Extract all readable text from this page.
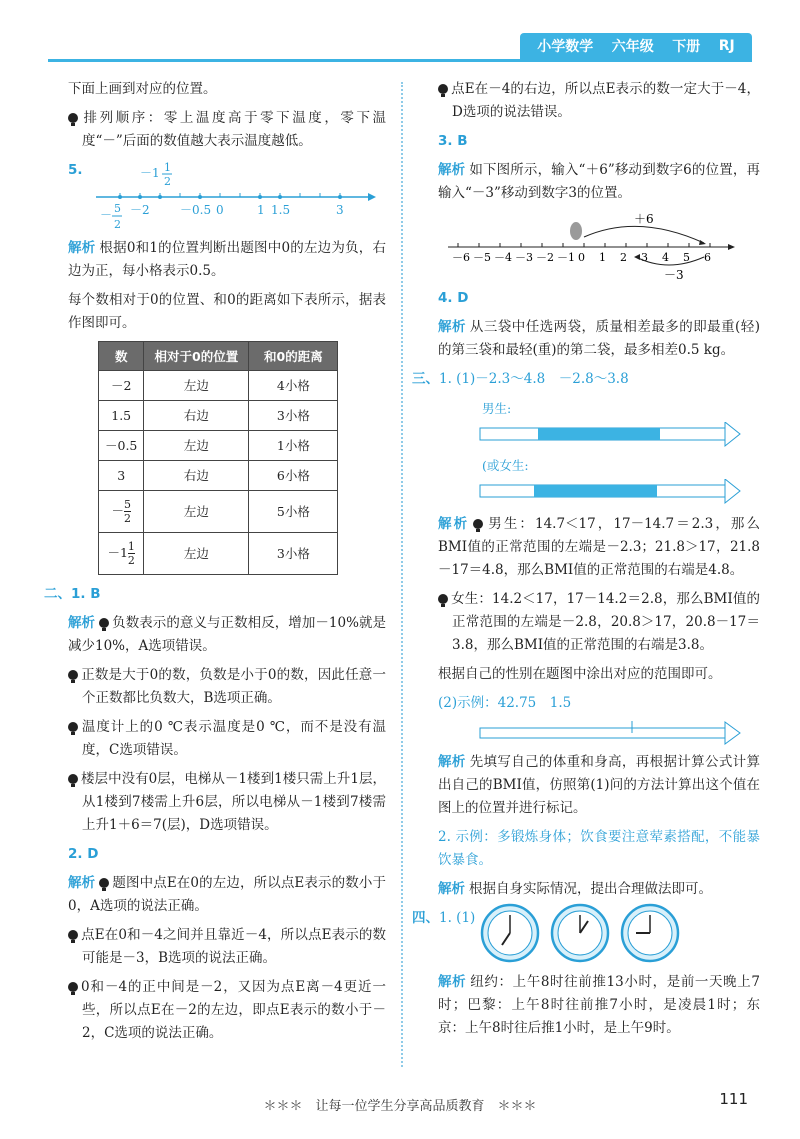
小学数学 六年级 下册 RJ

下面上画到对应的位置。

排列顺序：零上温度高于零下温度，零下温度“－”后面的数值越大表示温度越低。

5.	－1 1
2
－2	－0.5 0	1 1.5	3
－ 5
2

解析 根据0和1的位置判断出题图中0的左边为负，右边为正，每小格表示0.5。

每个数相对于0的位置、和0的距离如下表所示，据表作图即可。

数	相对于0的位置	和0的距离
－2	左边	4小格
1.5	右边	3小格
－0.5	左边	1小格
3	右边	6小格
－ $\frac{5}{2}$	左边	5小格
$-1 \frac{1}{2}$	左边	3小格

二、1. B

解析 负数表示的意义与正数相反，增加－10%就是减少10%，A选项错误。

正数是大于0的数，负数是小于0的数，因此任意一个正数都比负数大，B选项正确。

温度计上的0 ℃表示温度是0 ℃，而不是没有温度，C选项错误。

楼层中没有0层，电梯从－1楼到1楼只需上升1层，从1楼到7楼需上升6层，所以电梯从－1楼到7楼需上升1＋6＝7(层)，D选项错误。

2. D

解析 题图中点E在0的左边，所以点E表示的数小于0，A选项的说法正确。

点E在0和－4之间并且靠近－4，所以点E表示的数可能是－3，B选项的说法正确。

0和－4的正中间是－2，又因为点E离－4更近一些，所以点E在－2的左边，即点E表示的数小于－2，C选项的说法正确。

点E在－4的右边，所以点E表示的数一定大于－4，D选项的说法错误。

3. B

解析 如下图所示，输入“＋6”移动到数字6的位置，再输入“－3”移动到数字3的位置。

－6 －5 －4 －3 －2 －1 0 1 2 3 4 5 6
＋6
－3

4. D

解析 从三袋中任选两袋，质量相差最多的即最重(轻)的第三袋和最轻(重)的第二袋，最多相差0.5 kg。

三、1. (1)－2.3～4.8　－2.8～3.8

男生:
(或女生:

解析 男生：14.7＜17，17－14.7＝2.3，那么BMI值的正常范围的左端是－2.3；21.8＞17，21.8－17＝4.8，那么BMI值的正常范围的右端是4.8。

女生：14.2＜17，17－14.2＝2.8，那么BMI值的正常范围的左端是－2.8，20.8＞17，20.8－17＝3.8，那么BMI值的正常范围的右端是3.8。

根据自己的性别在题图中涂出对应的范围即可。

(2)示例：42.75　1.5

解析 先填写自己的体重和身高，再根据计算公式计算出自己的BMI值，仿照第(1)问的方法计算出这个值在图上的位置并进行标记。

2. 示例：多锻炼身体；饮食要注意荤素搭配，不能暴饮暴食。

解析 根据自身实际情况，提出合理做法即可。

四、1. (1)

解析 纽约：上午8时往前推13小时，是前一天晚上7时；巴黎：上午8时往前推7小时，是凌晨1时；东京：上午8时往后推1小时，是上午9时。

＊＊＊　让每一位学生分享高品质教育　＊＊＊	111
